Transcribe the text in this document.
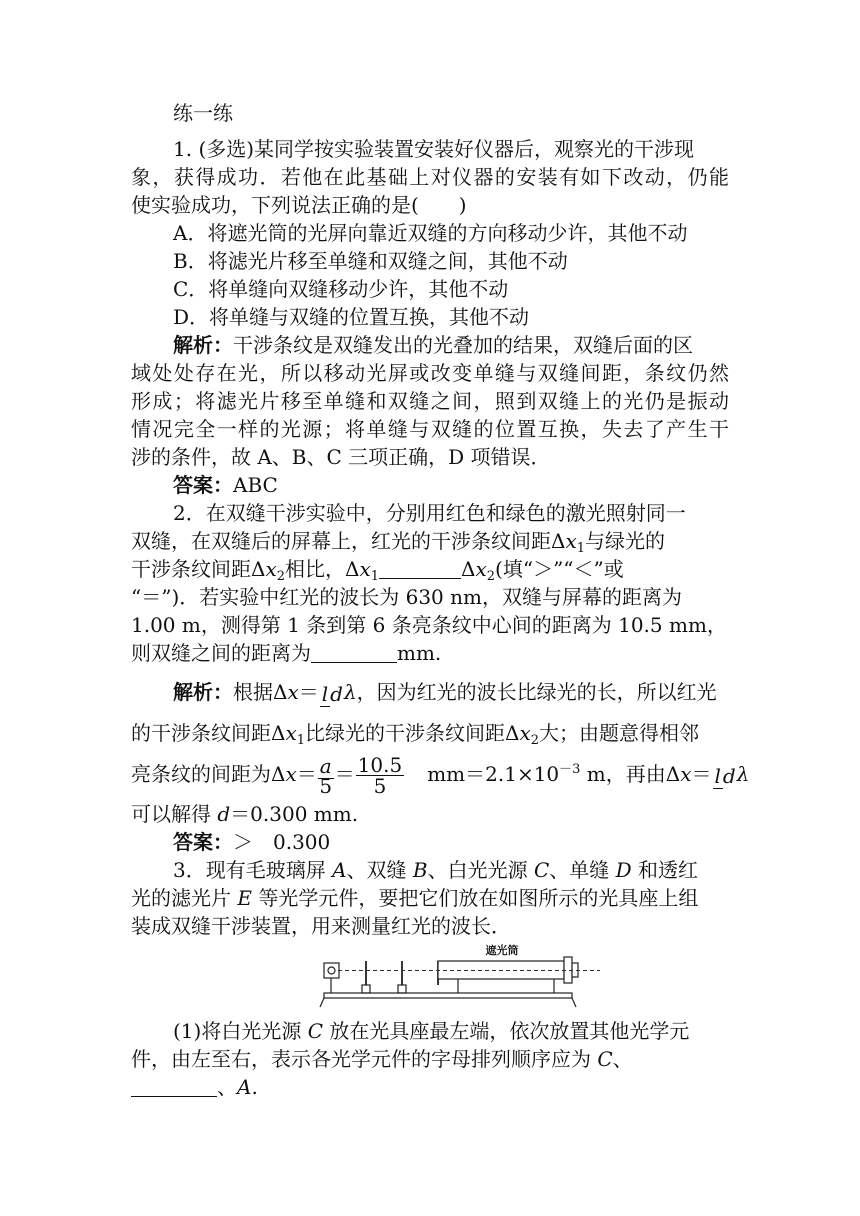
练一练
1. (多选)某同学按实验装置安装好仪器后，观察光的干涉现
象，获得成功．若他在此基础上对仪器的安装有如下改动，仍能
使实验成功，下列说法正确的是(　　)
A．将遮光筒的光屏向靠近双缝的方向移动少许，其他不动
B．将滤光片移至单缝和双缝之间，其他不动
C．将单缝向双缝移动少许，其他不动
D．将单缝与双缝的位置互换，其他不动
解析：干涉条纹是双缝发出的光叠加的结果，双缝后面的区
域处处存在光，所以移动光屏或改变单缝与双缝间距，条纹仍然
形成；将滤光片移至单缝和双缝之间，照到双缝上的光仍是振动
情况完全一样的光源；将单缝与双缝的位置互换，失去了产生干
涉的条件，故 A、B、C 三项正确，D 项错误．
答案：ABC
2．在双缝干涉实验中，分别用红色和绿色的激光照射同一
双缝，在双缝后的屏幕上，红光的干涉条纹间距$\Delta x_1$与绿光的
干涉条纹间距$\Delta x_2$相比，$\Delta x_1$	$\Delta x_2$(填“＞”“＜”或
“＝”)．若实验中红光的波长为 630 nm，双缝与屏幕的距离为
1.00 m，测得第 1 条到第 6 条亮条纹中心间的距离为 10.5 mm，
则双缝之间的距离为	mm.
解析：根据Δx＝ l dλ，因为红光的波长比绿光的长，所以红光
的干涉条纹间距$\Delta x_1$比绿光的干涉条纹间距$\Delta x_2$大；由题意得相邻
亮条纹的间距为$\Delta x=\frac{a}{5} = \frac{10.5}{5} mm=2.1\times 10^{-3}$ m，再由Δx＝ l dλ
可以解得 d＝0.300 mm.
答案：＞　0.300
3．现有毛玻璃屏 A、双缝 B、白光光源 C、单缝 D 和透红
光的滤光片 E 等光学元件，要把它们放在如图所示的光具座上组
装成双缝干涉装置，用来测量红光的波长．
遮光筒
(1)将白光光源 C 放在光具座最左端，依次放置其他光学元
件，由左至右，表示各光学元件的字母排列顺序应为 C、
、A.
